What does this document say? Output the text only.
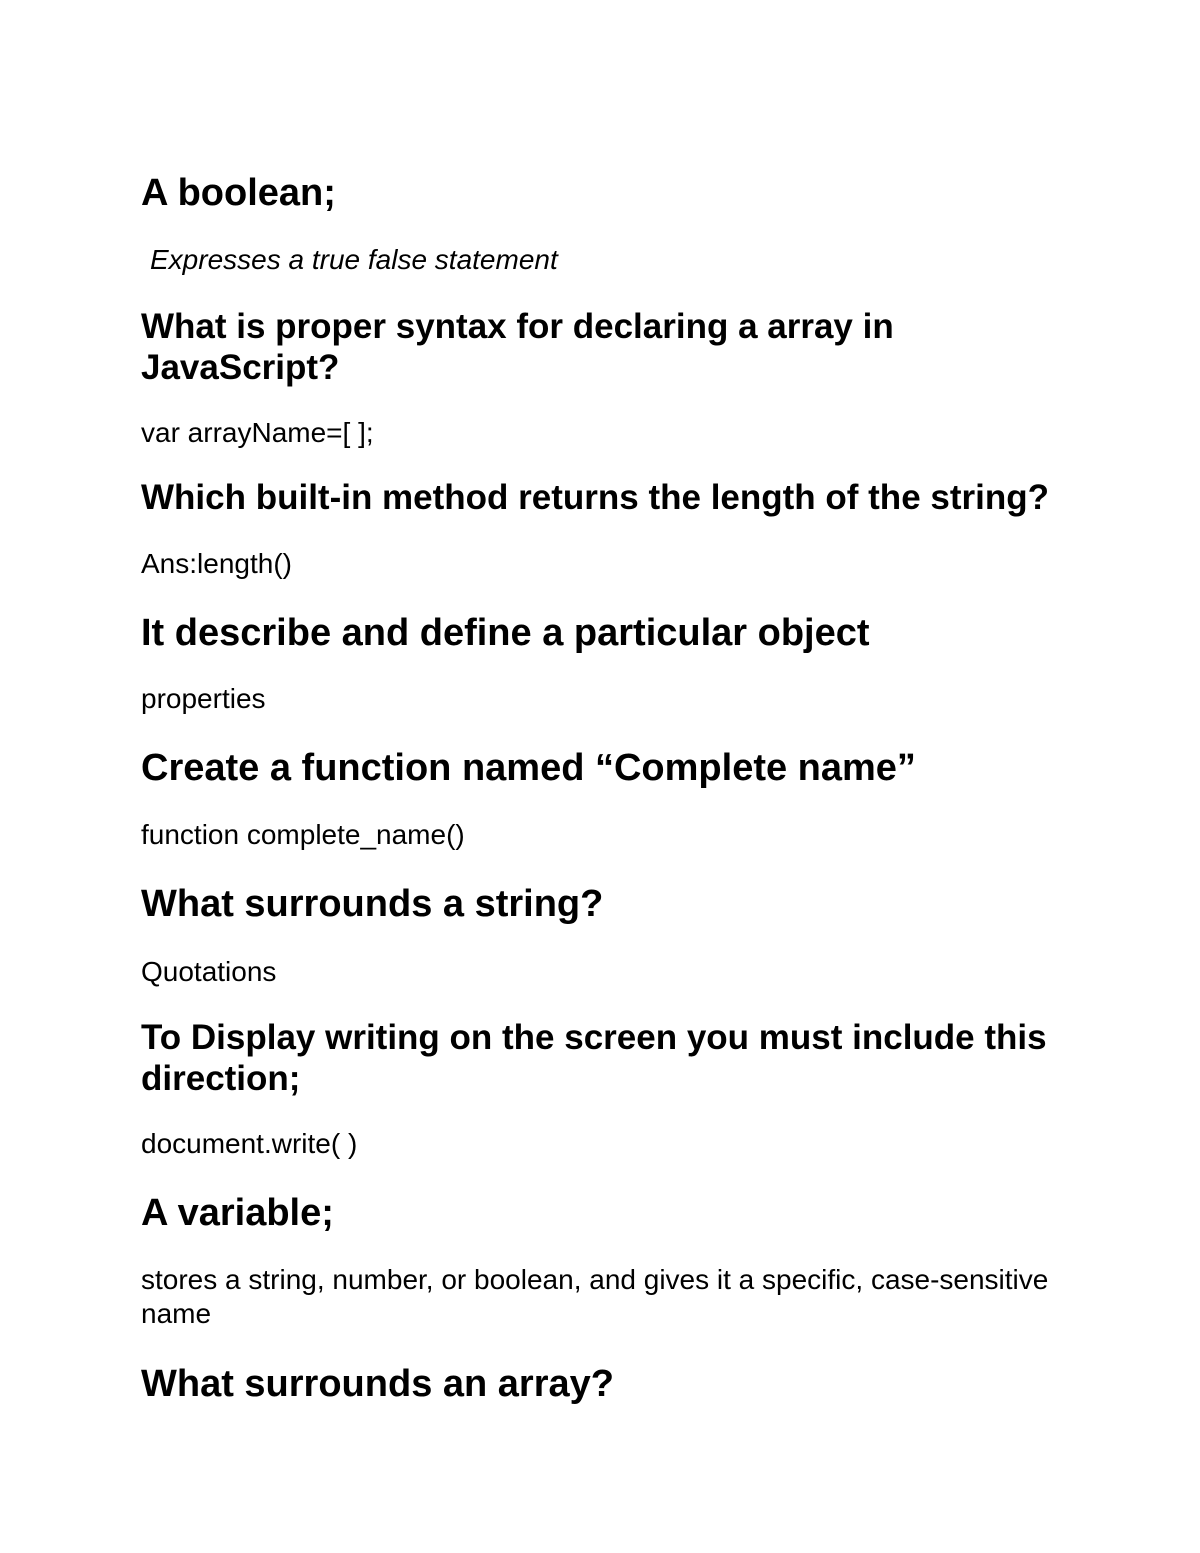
A boolean;

Expresses a true false statement

What is proper syntax for declaring a array in JavaScript?

var arrayName=[ ];

Which built-in method returns the length of the string?

Ans:length()

It describe and define a particular object

properties

Create a function named “Complete name”

function complete_name()

What surrounds a string?

Quotations

To Display writing on the screen you must include this direction;

document.write( )

A variable;

stores a string, number, or boolean, and gives it a specific, case-sensitive name

What surrounds an array?
